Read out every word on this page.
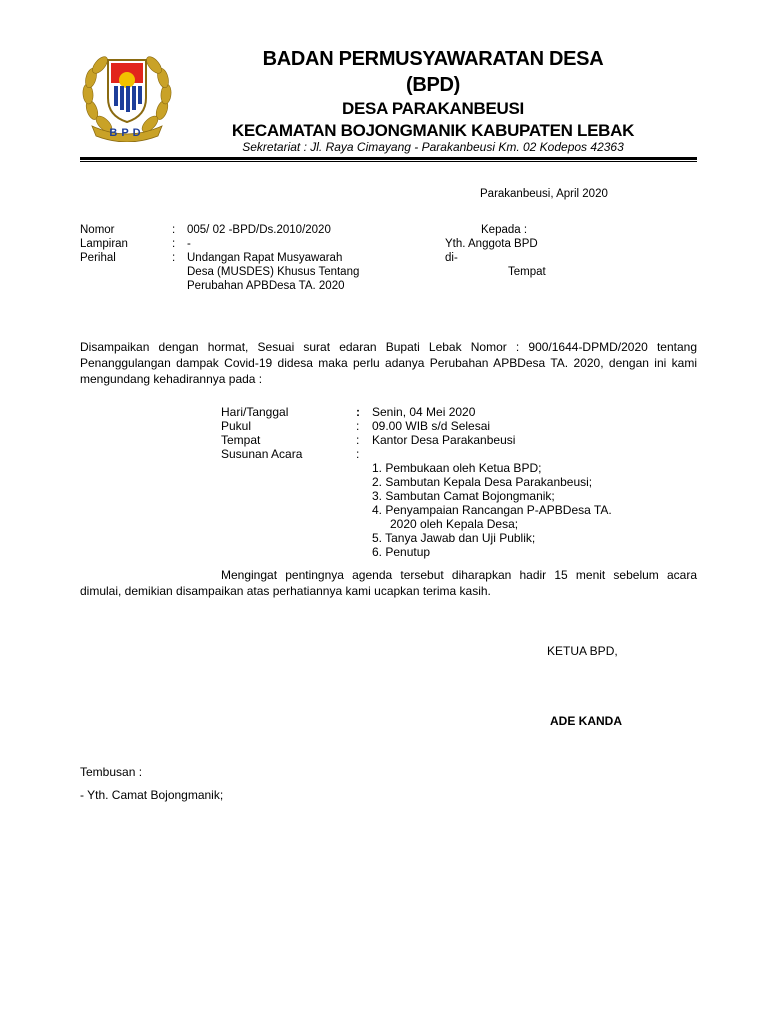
BPD
BADAN PERMUSYAWARATAN DESA
(BPD)
DESA PARAKANBEUSI
KECAMATAN BOJONGMANIK KABUPATEN LEBAK
Sekretariat : Jl. Raya Cimayang - Parakanbeusi Km. 02 Kodepos 42363
Parakanbeusi, April 2020
Nomor	: 005/ 02 -BPD/Ds.2010/2020
Lampiran	: -
Perihal	: Undangan Rapat Musyawarah
Desa (MUSDES) Khusus Tentang
Perubahan APBDesa TA. 2020
Kepada :
Yth. Anggota BPD
di-
Tempat
Disampaikan dengan hormat, Sesuai surat edaran Bupati Lebak Nomor : 900/1644-DPMD/2020 tentang Penanggulangan dampak Covid-19 didesa maka perlu adanya Perubahan APBDesa TA. 2020, dengan ini kami mengundang kehadirannya pada :
Hari/Tanggal	: Senin, 04 Mei 2020
Pukul	: 09.00 WIB s/d Selesai
Tempat	: Kantor Desa Parakanbeusi
Susunan Acara	:
1. Pembukaan oleh Ketua BPD;
2. Sambutan Kepala Desa Parakanbeusi;
3. Sambutan Camat Bojongmanik;
4. Penyampaian Rancangan P-APBDesa TA.
2020 oleh Kepala Desa;
5. Tanya Jawab dan Uji Publik;
6. Penutup
Mengingat pentingnya agenda tersebut diharapkan hadir 15 menit sebelum acara dimulai, demikian disampaikan atas perhatiannya kami ucapkan terima kasih.
KETUA BPD,
ADE KANDA
Tembusan :
- Yth. Camat Bojongmanik;
